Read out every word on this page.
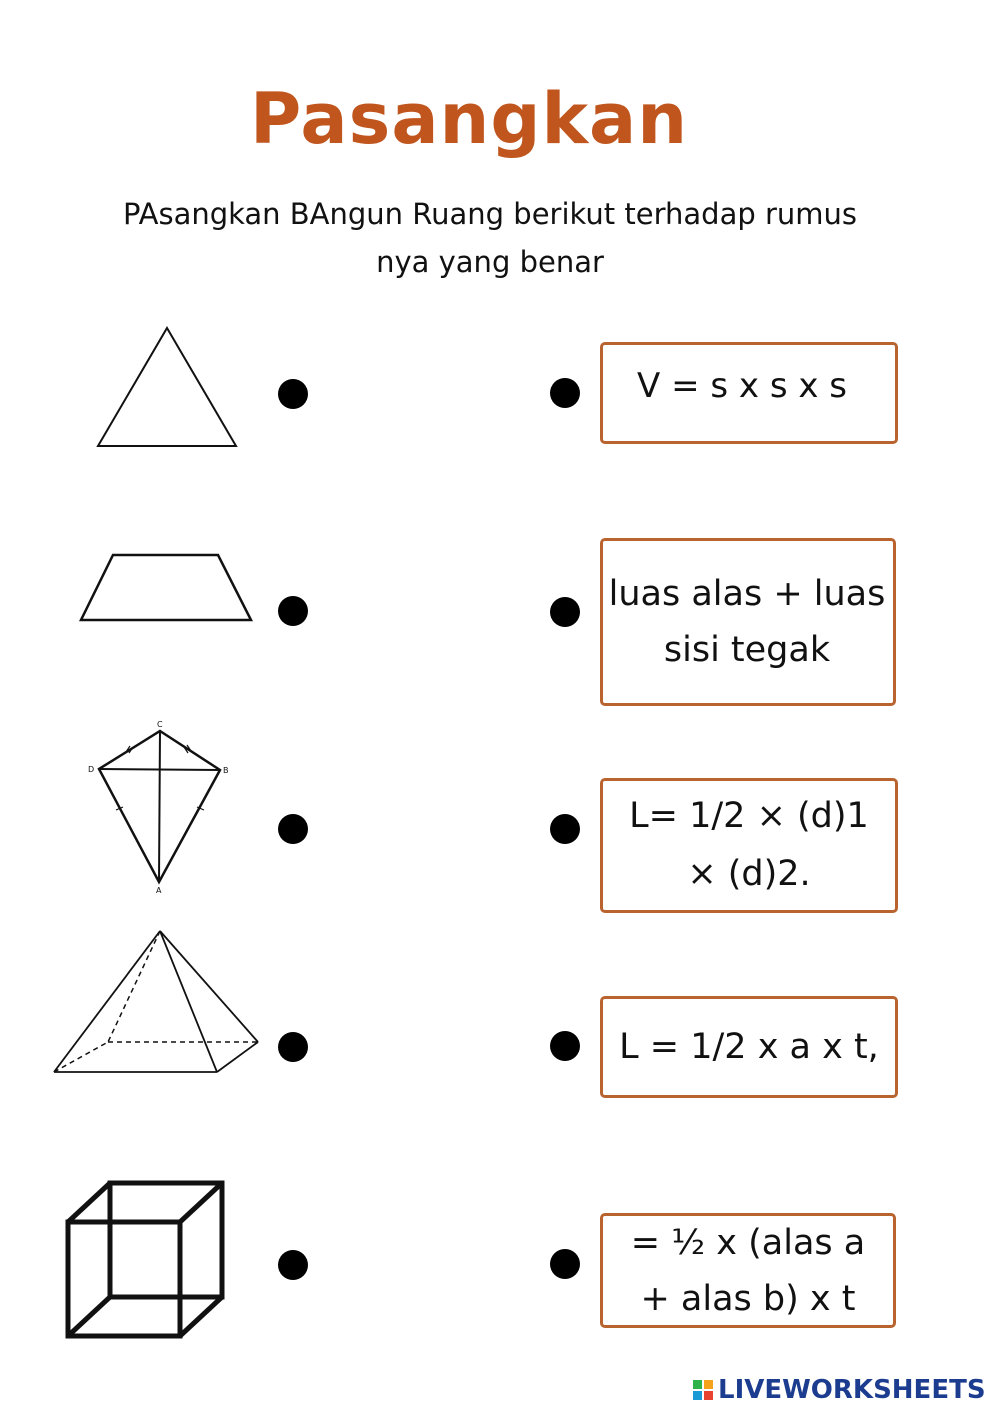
Pasangkan
PAsangkan BAngun Ruang berikut terhadap rumus
nya yang benar
C
D	B
A
V = s x s x s
luas alas + luas
sisi tegak
L= 1/2 × (d)1
× (d)2.
L = 1/2 x a x t,
= ½ x (alas a
+ alas b) x t
LIVEWORKSHEETS
